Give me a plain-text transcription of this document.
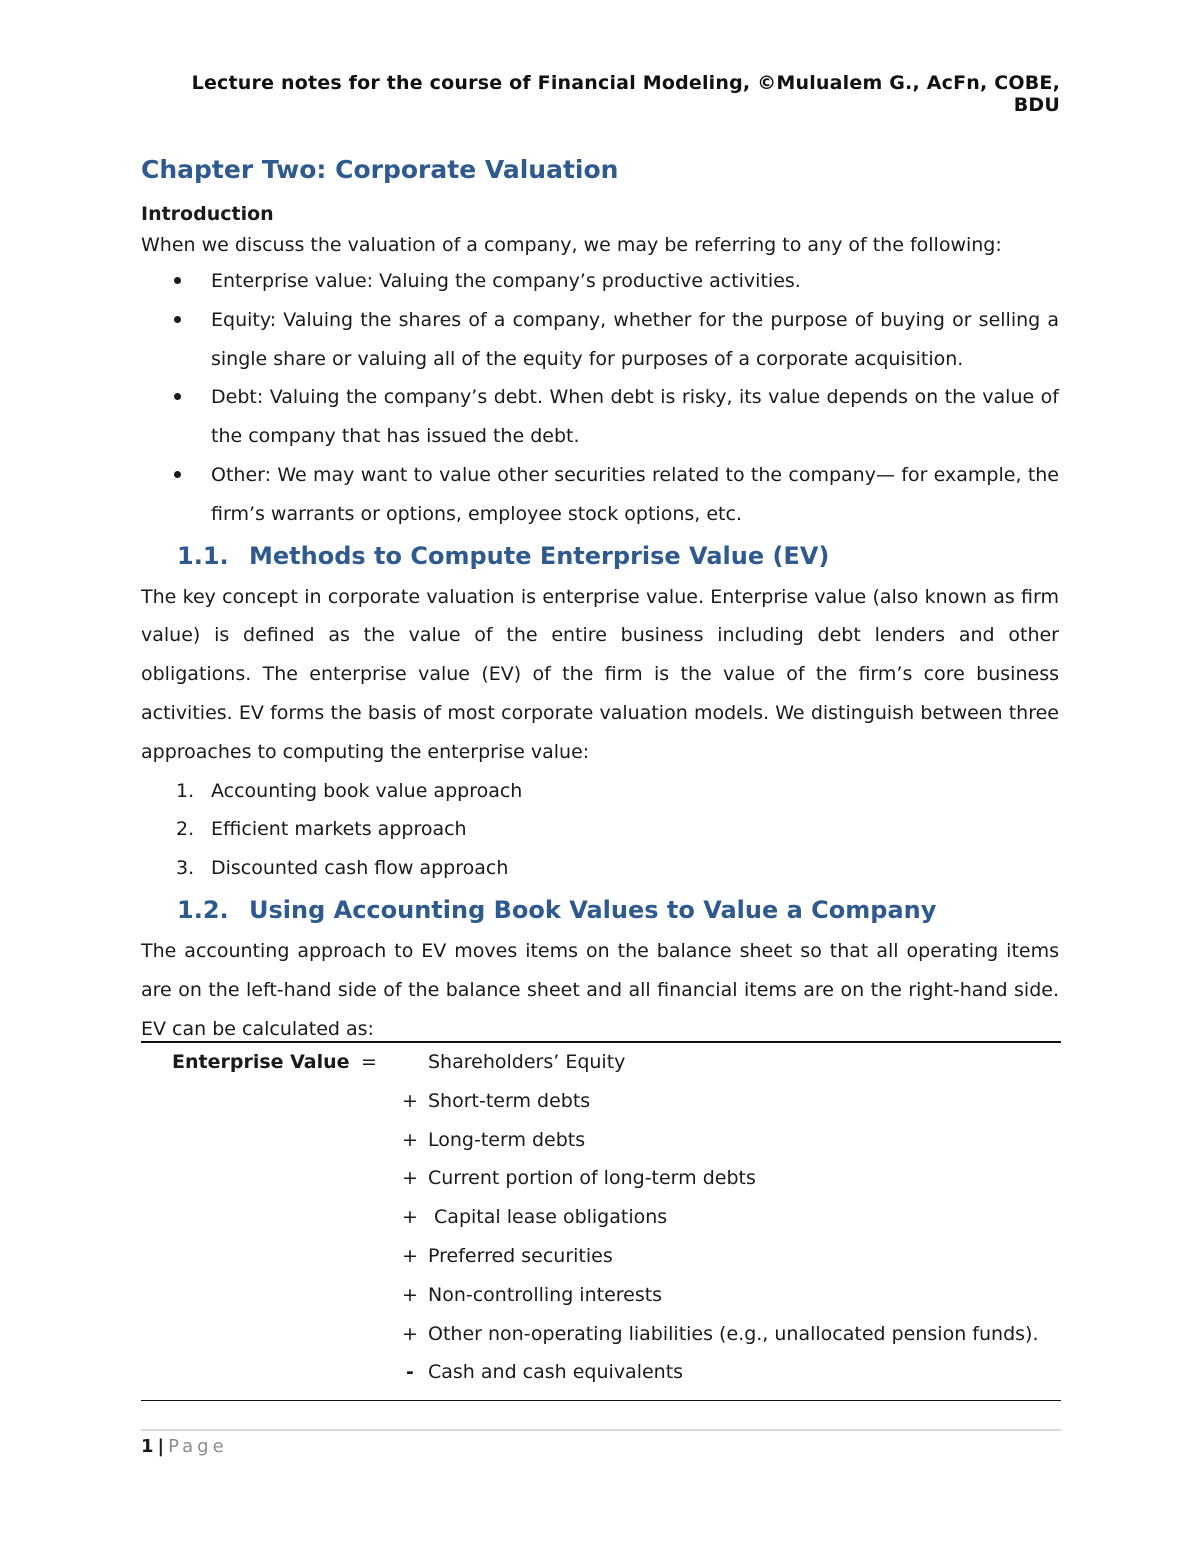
Lecture notes for the course of Financial Modeling, ©Mulualem G., AcFn, COBE, BDU
Chapter Two: Corporate Valuation
Introduction

When we discuss the valuation of a company, we may be referring to any of the following:

Enterprise value: Valuing the company’s productive activities.
Equity: Valuing the shares of a company, whether for the purpose of buying or selling a single share or valuing all of the equity for purposes of a corporate acquisition.
Debt: Valuing the company’s debt. When debt is risky, its value depends on the value of the company that has issued the debt.
Other: We may want to value other securities related to the company— for example, the firm’s warrants or options, employee stock options, etc.
1.1. Methods to Compute Enterprise Value (EV)

The key concept in corporate valuation is enterprise value. Enterprise value (also known as firm value) is defined as the value of the entire business including debt lenders and other obligations. The enterprise value (EV) of the firm is the value of the firm’s core business activities. EV forms the basis of most corporate valuation models. We distinguish between three approaches to computing the enterprise value:

1. Accounting book value approach
2. Efficient markets approach
3. Discounted cash flow approach
1.2. Using Accounting Book Values to Value a Company

The accounting approach to EV moves items on the balance sheet so that all operating items are on the left-hand side of the balance sheet and all financial items are on the right-hand side. EV can be calculated as:

Enterprise Value =	Shareholders’ Equity
+ Short-term debts
+ Long-term debts
+ Current portion of long-term debts
+ Capital lease obligations
+ Preferred securities
+ Non-controlling interests
+ Other non-operating liabilities (e.g., unallocated pension funds).
- Cash and cash equivalents
1 | Page
